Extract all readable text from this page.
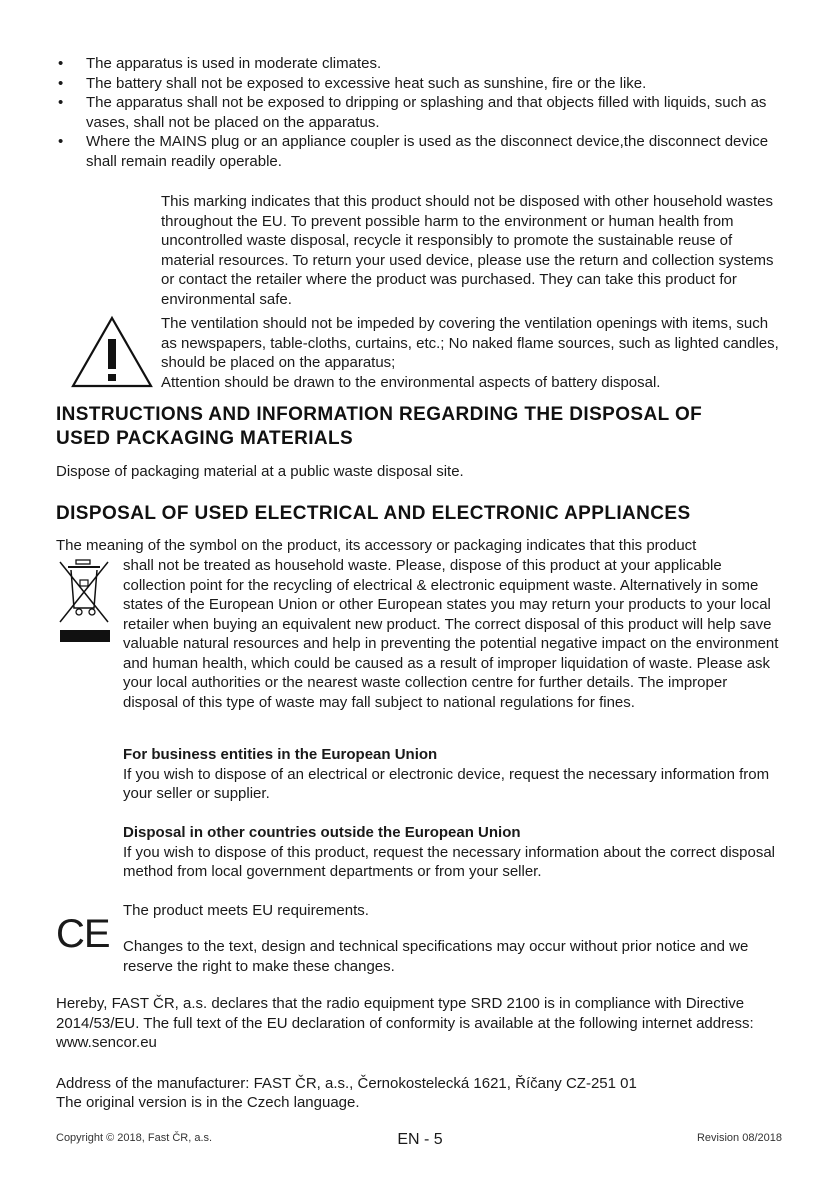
• The apparatus is used in moderate climates.
• The battery shall not be exposed to excessive heat such as sunshine, fire or the like.
• The apparatus shall not be exposed to dripping or splashing and that objects filled with liquids, such as vases, shall not be placed on the apparatus.
• Where the MAINS plug or an appliance coupler is used as the disconnect device,the disconnect device shall remain readily operable.
This marking indicates that this product should not be disposed with other household wastes throughout the EU. To prevent possible harm to the environment or human health from uncontrolled waste disposal, recycle it responsibly to promote the sustainable reuse of material resources. To return your used device, please use the return and collection systems or contact the retailer where the product was purchased. They can take this product for environmental safe.
The ventilation should not be impeded by covering the ventilation openings with items, such as newspapers, table-cloths, curtains, etc.; No naked flame sources, such as lighted candles, should be placed on the apparatus;
Attention should be drawn to the environmental aspects of battery disposal.
INSTRUCTIONS AND INFORMATION REGARDING THE DISPOSAL OF
USED PACKAGING MATERIALS
Dispose of packaging material at a public waste disposal site.
DISPOSAL OF USED ELECTRICAL AND ELECTRONIC APPLIANCES
The meaning of the symbol on the product, its accessory or packaging indicates that this product
shall not be treated as household waste. Please, dispose of this product at your applicable collection point for the recycling of electrical & electronic equipment waste. Alternatively in some states of the European Union or other European states you may return your products to your local retailer when buying an equivalent new product. The correct disposal of this product will help save valuable natural resources and help in preventing the potential negative impact on the environment and human health, which could be caused as a result of improper liquidation of waste. Please ask your local authorities or the nearest waste collection centre for further details. The improper disposal of this type of waste may fall subject to national regulations for fines.
For business entities in the European Union
If you wish to dispose of an electrical or electronic device, request the necessary information from your seller or supplier.
Disposal in other countries outside the European Union
If you wish to dispose of this product, request the necessary information about the correct disposal method from local government departments or from your seller.
CE
The product meets EU requirements.
Changes to the text, design and technical specifications may occur without prior notice and we reserve the right to make these changes.
Hereby, FAST ČR, a.s. declares that the radio equipment type SRD 2100 is in compliance with Directive 2014/53/EU. The full text of the EU declaration of conformity is available at the following internet address: www.sencor.eu
Address of the manufacturer: FAST ČR, a.s., Černokostelecká 1621, Říčany CZ-251 01
The original version is in the Czech language.
Copyright © 2018, Fast ČR, a.s.	EN - 5	Revision 08/2018
